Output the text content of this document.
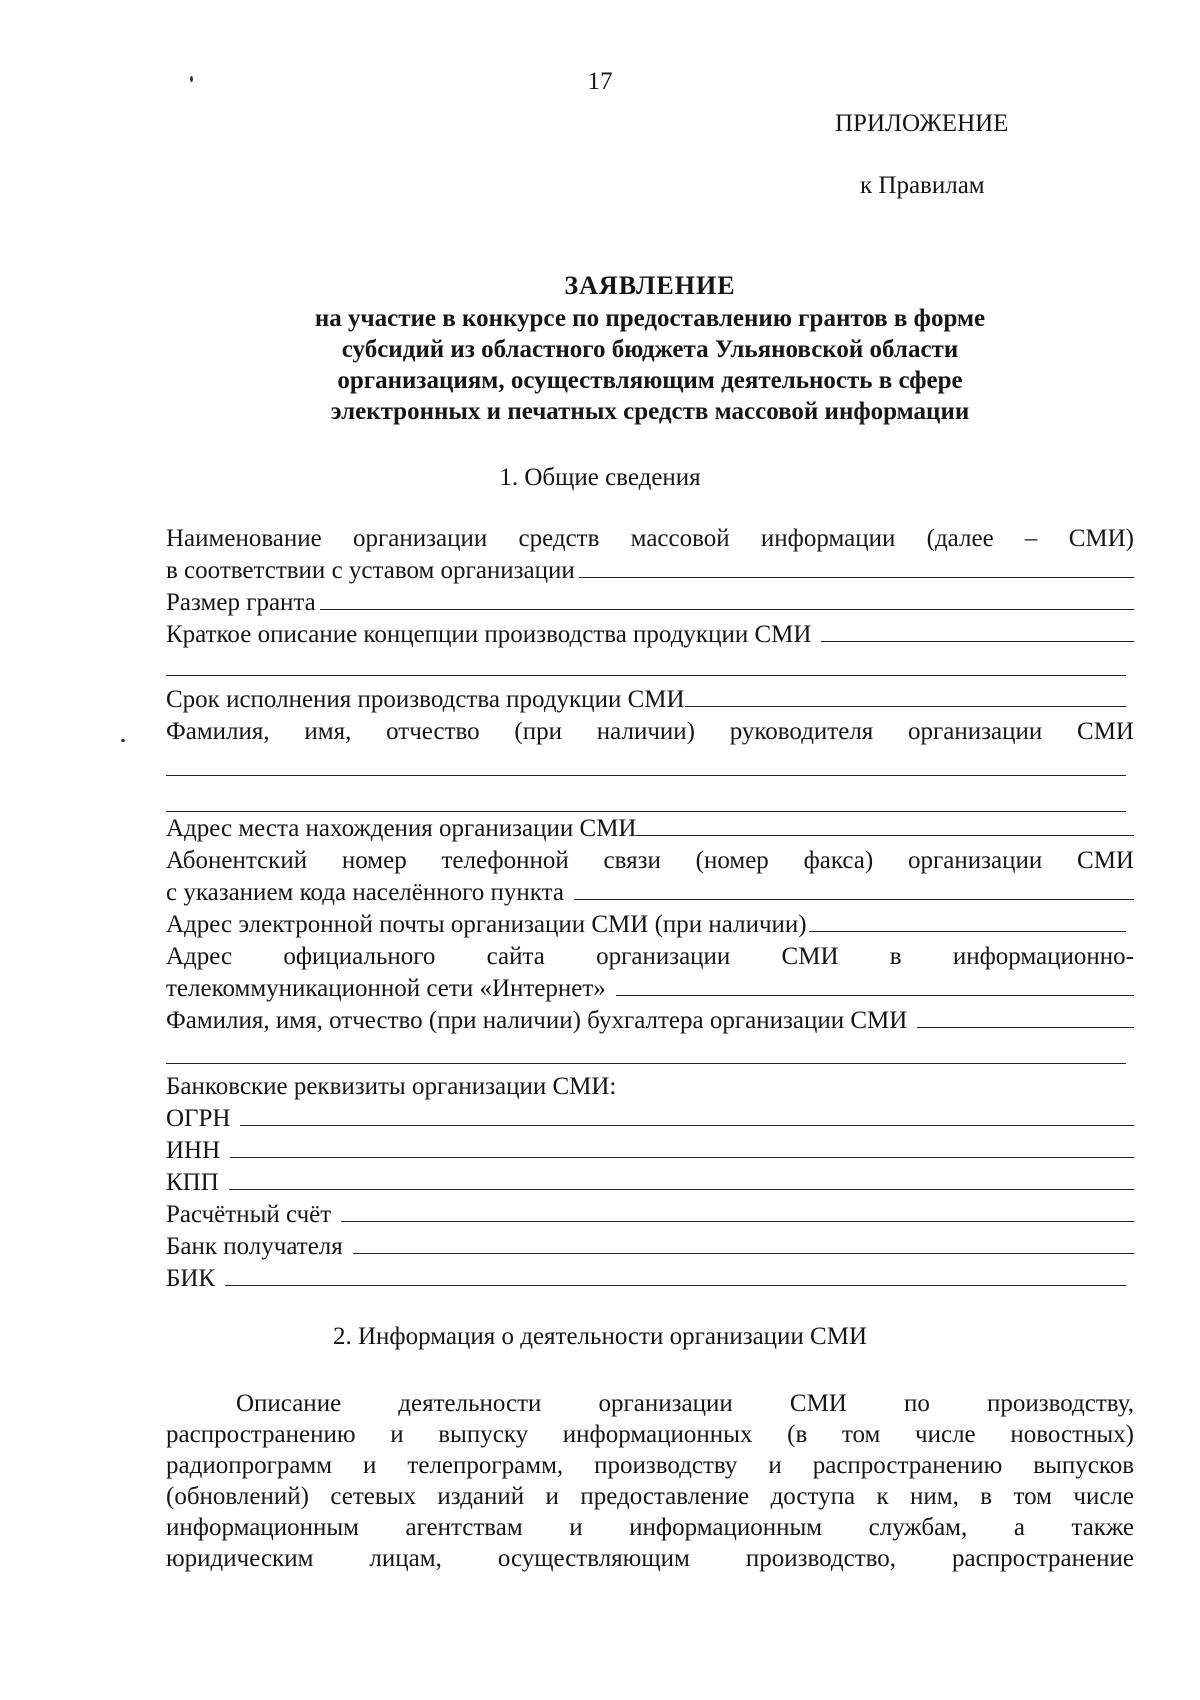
17
ПРИЛОЖЕНИЕ
к Правилам
ЗАЯВЛЕНИЕ
на участие в конкурсе по предоставлению грантов в форме
субсидий из областного бюджета Ульяновской области
организациям, осуществляющим деятельность в сфере
электронных и печатных средств массовой информации
1. Общие сведения
Наименование организации средств массовой информации (далее – СМИ)
в соответствии с уставом организации
Размер гранта
Краткое описание концепции производства продукции СМИ
Срок исполнения производства продукции СМИ
Фамилия, имя, отчество (при наличии) руководителя организации СМИ
Адрес места нахождения организации СМИ
Абонентский номер телефонной связи (номер факса) организации СМИ
с указанием кода населённого пункта
Адрес электронной почты организации СМИ (при наличии)
Адрес официального сайта организации СМИ в информационно-
телекоммуникационной сети «Интернет»
Фамилия, имя, отчество (при наличии) бухгалтера организации СМИ
Банковские реквизиты организации СМИ:
ОГРН
ИНН
КПП
Расчётный счёт
Банк получателя
БИК
2. Информация о деятельности организации СМИ
Описание деятельности организации СМИ по производству,
распространению и выпуску информационных (в том числе новостных)
радиопрограмм и телепрограмм, производству и распространению выпусков
(обновлений) сетевых изданий и предоставление доступа к ним, в том числе
информационным агентствам и информационным службам, а также
юридическим лицам, осуществляющим производство, распространение
